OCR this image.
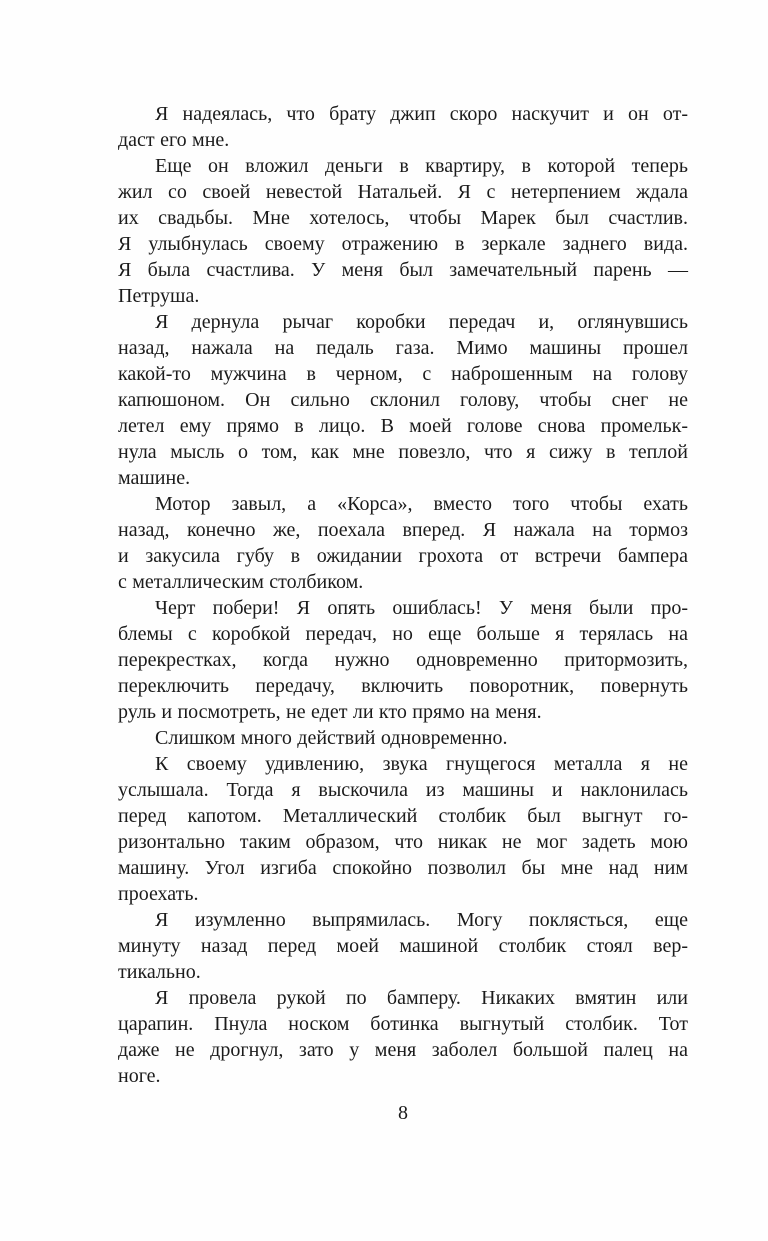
Я надеялась, что брату джип скоро наскучит и он от-
даст его мне.
Еще он вложил деньги в квартиру, в которой теперь
жил со своей невестой Натальей. Я с нетерпением ждала
их свадьбы. Мне хотелось, чтобы Марек был счастлив.
Я улыбнулась своему отражению в зеркале заднего вида.
Я была счастлива. У меня был замечательный парень —
Петруша.
Я дернула рычаг коробки передач и, оглянувшись
назад, нажала на педаль газа. Мимо машины прошел
какой-то мужчина в черном, с наброшенным на голову
капюшоном. Он сильно склонил голову, чтобы снег не
летел ему прямо в лицо. В моей голове снова промельк-
нула мысль о том, как мне повезло, что я сижу в теплой
машине.
Мотор завыл, а «Корса», вместо того чтобы ехать
назад, конечно же, поехала вперед. Я нажала на тормоз
и закусила губу в ожидании грохота от встречи бампера
с металлическим столбиком.
Черт побери! Я опять ошиблась! У меня были про-
блемы с коробкой передач, но еще больше я терялась на
перекрестках, когда нужно одновременно притормозить,
переключить передачу, включить поворотник, повернуть
руль и посмотреть, не едет ли кто прямо на меня.
Слишком много действий одновременно.
К своему удивлению, звука гнущегося металла я не
услышала. Тогда я выскочила из машины и наклонилась
перед капотом. Металлический столбик был выгнут го-
ризонтально таким образом, что никак не мог задеть мою
машину. Угол изгиба спокойно позволил бы мне над ним
проехать.
Я изумленно выпрямилась. Могу поклясться, еще
минуту назад перед моей машиной столбик стоял вер-
тикально.
Я провела рукой по бамперу. Никаких вмятин или
царапин. Пнула носком ботинка выгнутый столбик. Тот
даже не дрогнул, зато у меня заболел большой палец на
ноге.
8
